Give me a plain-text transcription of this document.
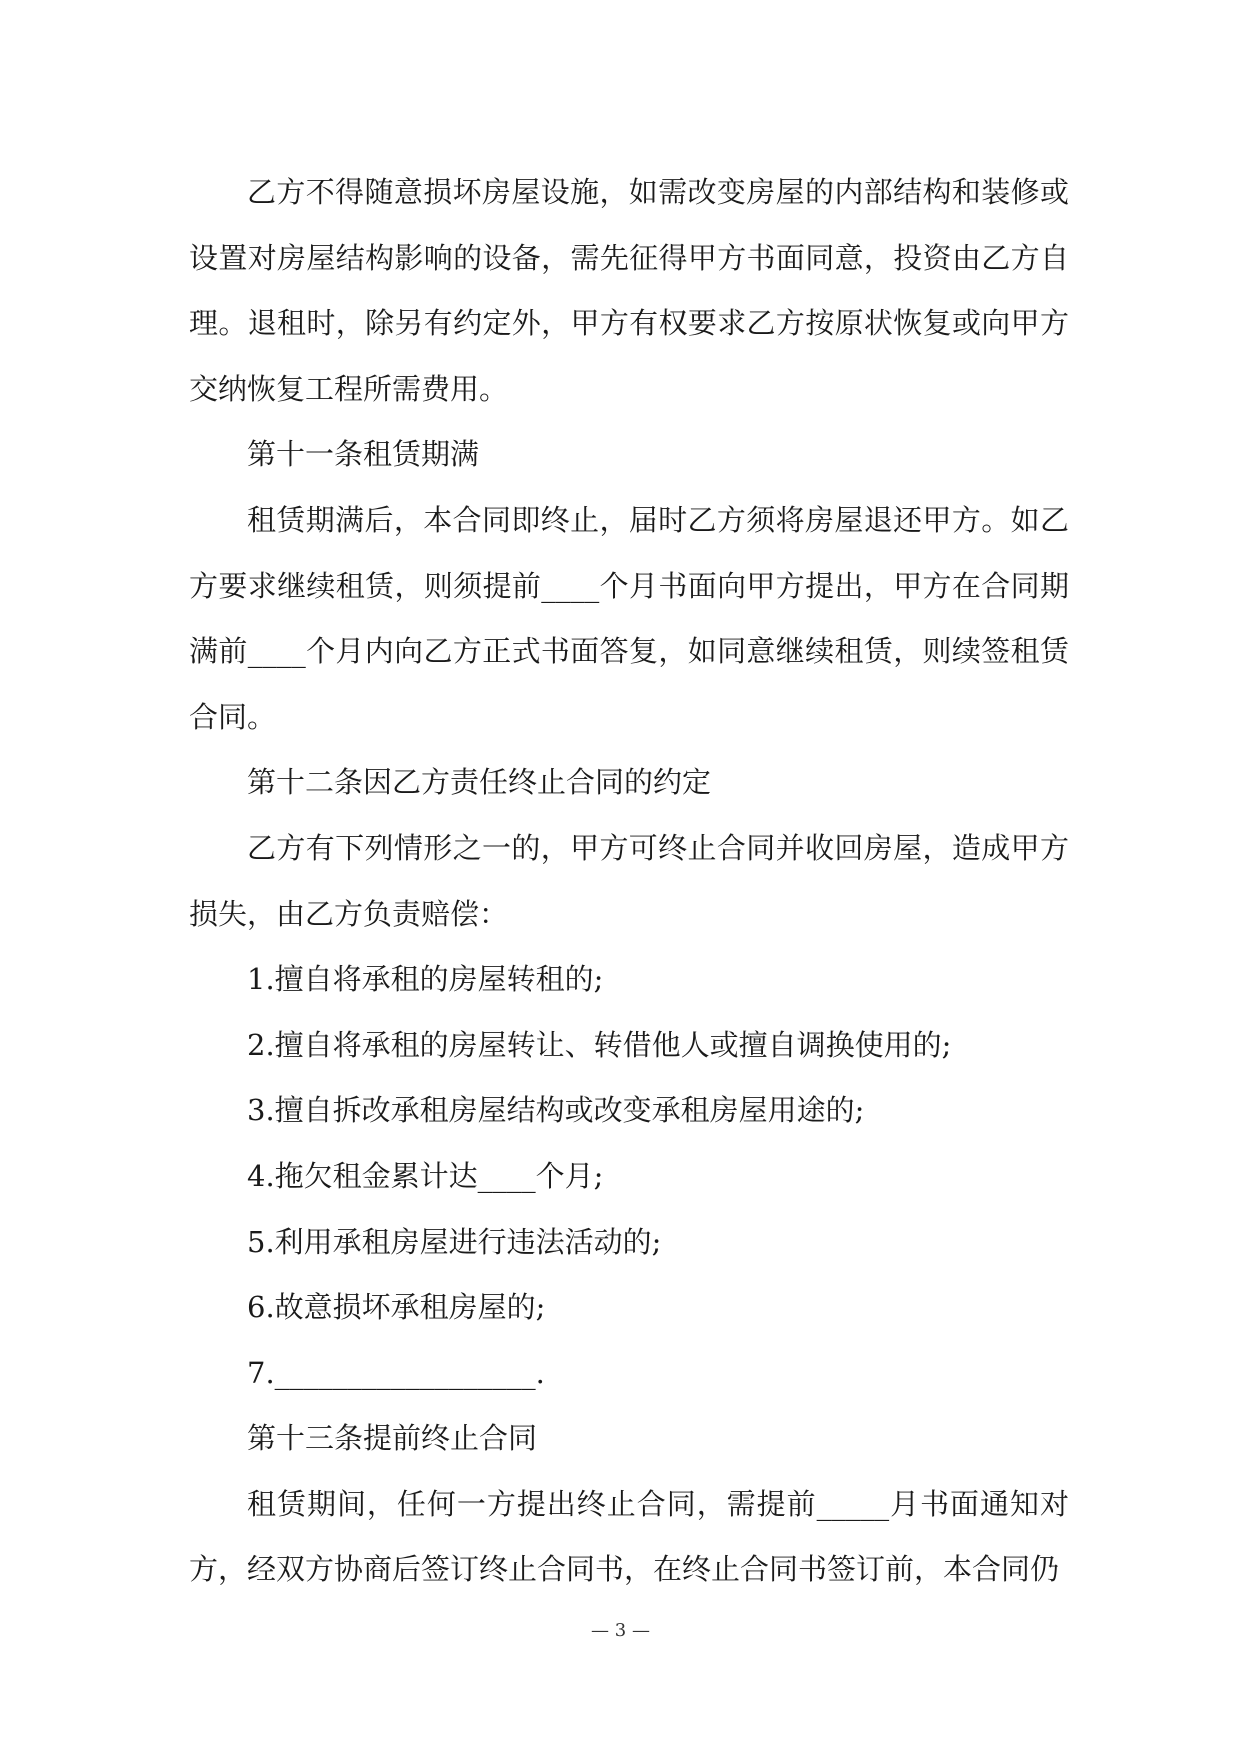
乙方不得随意损坏房屋设施，如需改变房屋的内部结构和装修或设置对房屋结构影响的设备，需先征得甲方书面同意，投资由乙方自理。退租时，除另有约定外，甲方有权要求乙方按原状恢复或向甲方交纳恢复工程所需费用。

第十一条租赁期满

租赁期满后，本合同即终止，届时乙方须将房屋退还甲方。如乙方要求继续租赁，则须提前____个月书面向甲方提出，甲方在合同期满前____个月内向乙方正式书面答复，如同意继续租赁，则续签租赁合同。

第十二条因乙方责任终止合同的约定

乙方有下列情形之一的，甲方可终止合同并收回房屋，造成甲方损失，由乙方负责赔偿：

1.擅自将承租的房屋转租的;

2.擅自将承租的房屋转让、转借他人或擅自调换使用的;

3.擅自拆改承租房屋结构或改变承租房屋用途的;

4.拖欠租金累计达____个月;

5.利用承租房屋进行违法活动的;

6.故意损坏承租房屋的;

7.__________________.

第十三条提前终止合同

租赁期间，任何一方提出终止合同，需提前_____月书面通知对方，经双方协商后签订终止合同书，在终止合同书签订前，本合同仍

— 3 —
